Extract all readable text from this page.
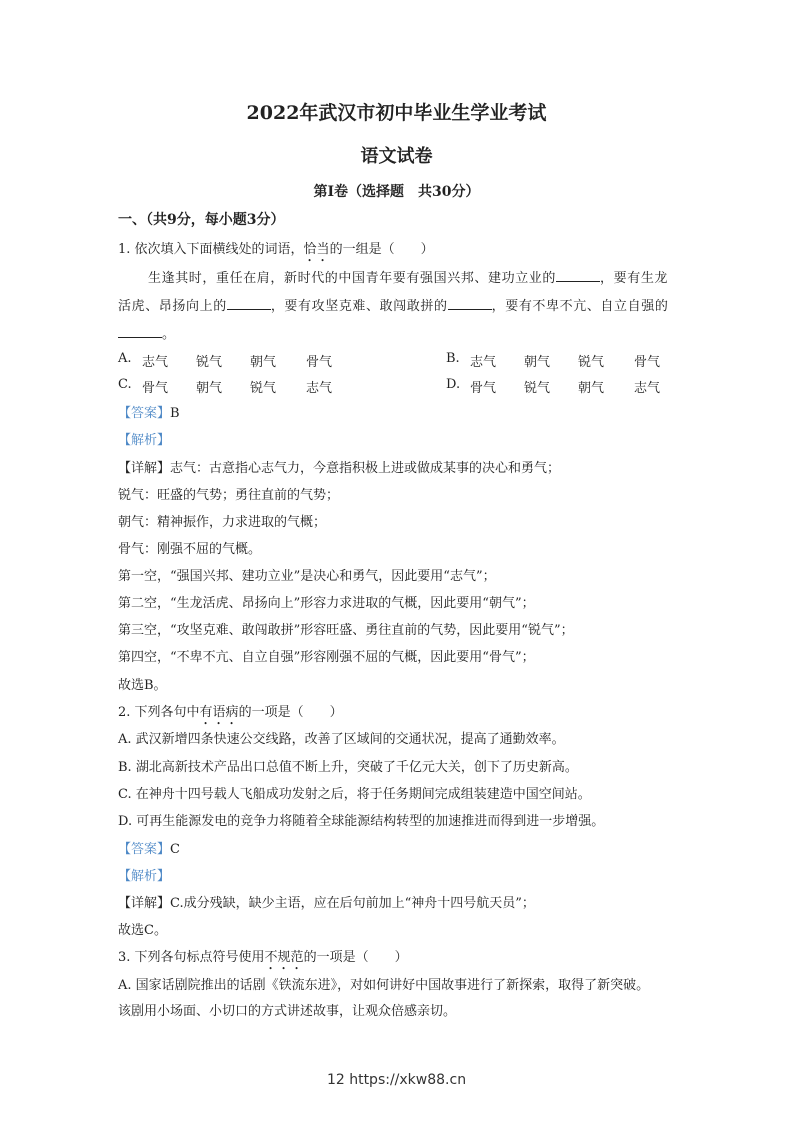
2022年武汉市初中毕业生学业考试
语文试卷
第Ⅰ卷（选择题　共30分）
一、（共9分，每小题3分）
1. 依次填入下面横线处的词语，恰当的一组是（　　）
生逢其时，重任在肩，新时代的中国青年要有强国兴邦、建功立业的	，要有生龙
活虎、昂扬向上的	，要有攻坚克难、敢闯敢拼的	，要有不卑不亢、自立自强的
。
A. 志气 锐气 朝气 骨气	B. 志气 朝气 锐气 骨气
C. 骨气 朝气 锐气 志气	D. 骨气 锐气 朝气 志气
【答案】B
【解析】
【详解】志气：古意指心志气力，今意指积极上进或做成某事的决心和勇气；
锐气：旺盛的气势；勇往直前的气势；
朝气：精神振作，力求进取的气概；
骨气：刚强不屈的气概。
第一空，“强国兴邦、建功立业”是决心和勇气，因此要用“志气”；
第二空，“生龙活虎、昂扬向上”形容力求进取的气概，因此要用“朝气”；
第三空，“攻坚克难、敢闯敢拼”形容旺盛、勇往直前的气势，因此要用“锐气”；
第四空，“不卑不亢、自立自强”形容刚强不屈的气概，因此要用“骨气”；
故选B。
2. 下列各句中有语病的一项是（　　）
A. 武汉新增四条快速公交线路，改善了区域间的交通状况，提高了通勤效率。
B. 湖北高新技术产品出口总值不断上升，突破了千亿元大关，创下了历史新高。
C. 在神舟十四号载人飞船成功发射之后，将于任务期间完成组装建造中国空间站。
D. 可再生能源发电的竞争力将随着全球能源结构转型的加速推进而得到进一步增强。
【答案】C
【解析】
【详解】C.成分残缺，缺少主语，应在后句前加上“神舟十四号航天员”；
故选C。
3. 下列各句标点符号使用不规范的一项是（　　）
A. 国家话剧院推出的话剧《铁流东进》，对如何讲好中国故事进行了新探索，取得了新突破。
该剧用小场面、小切口的方式讲述故事，让观众倍感亲切。
12 https://xkw88.cn
